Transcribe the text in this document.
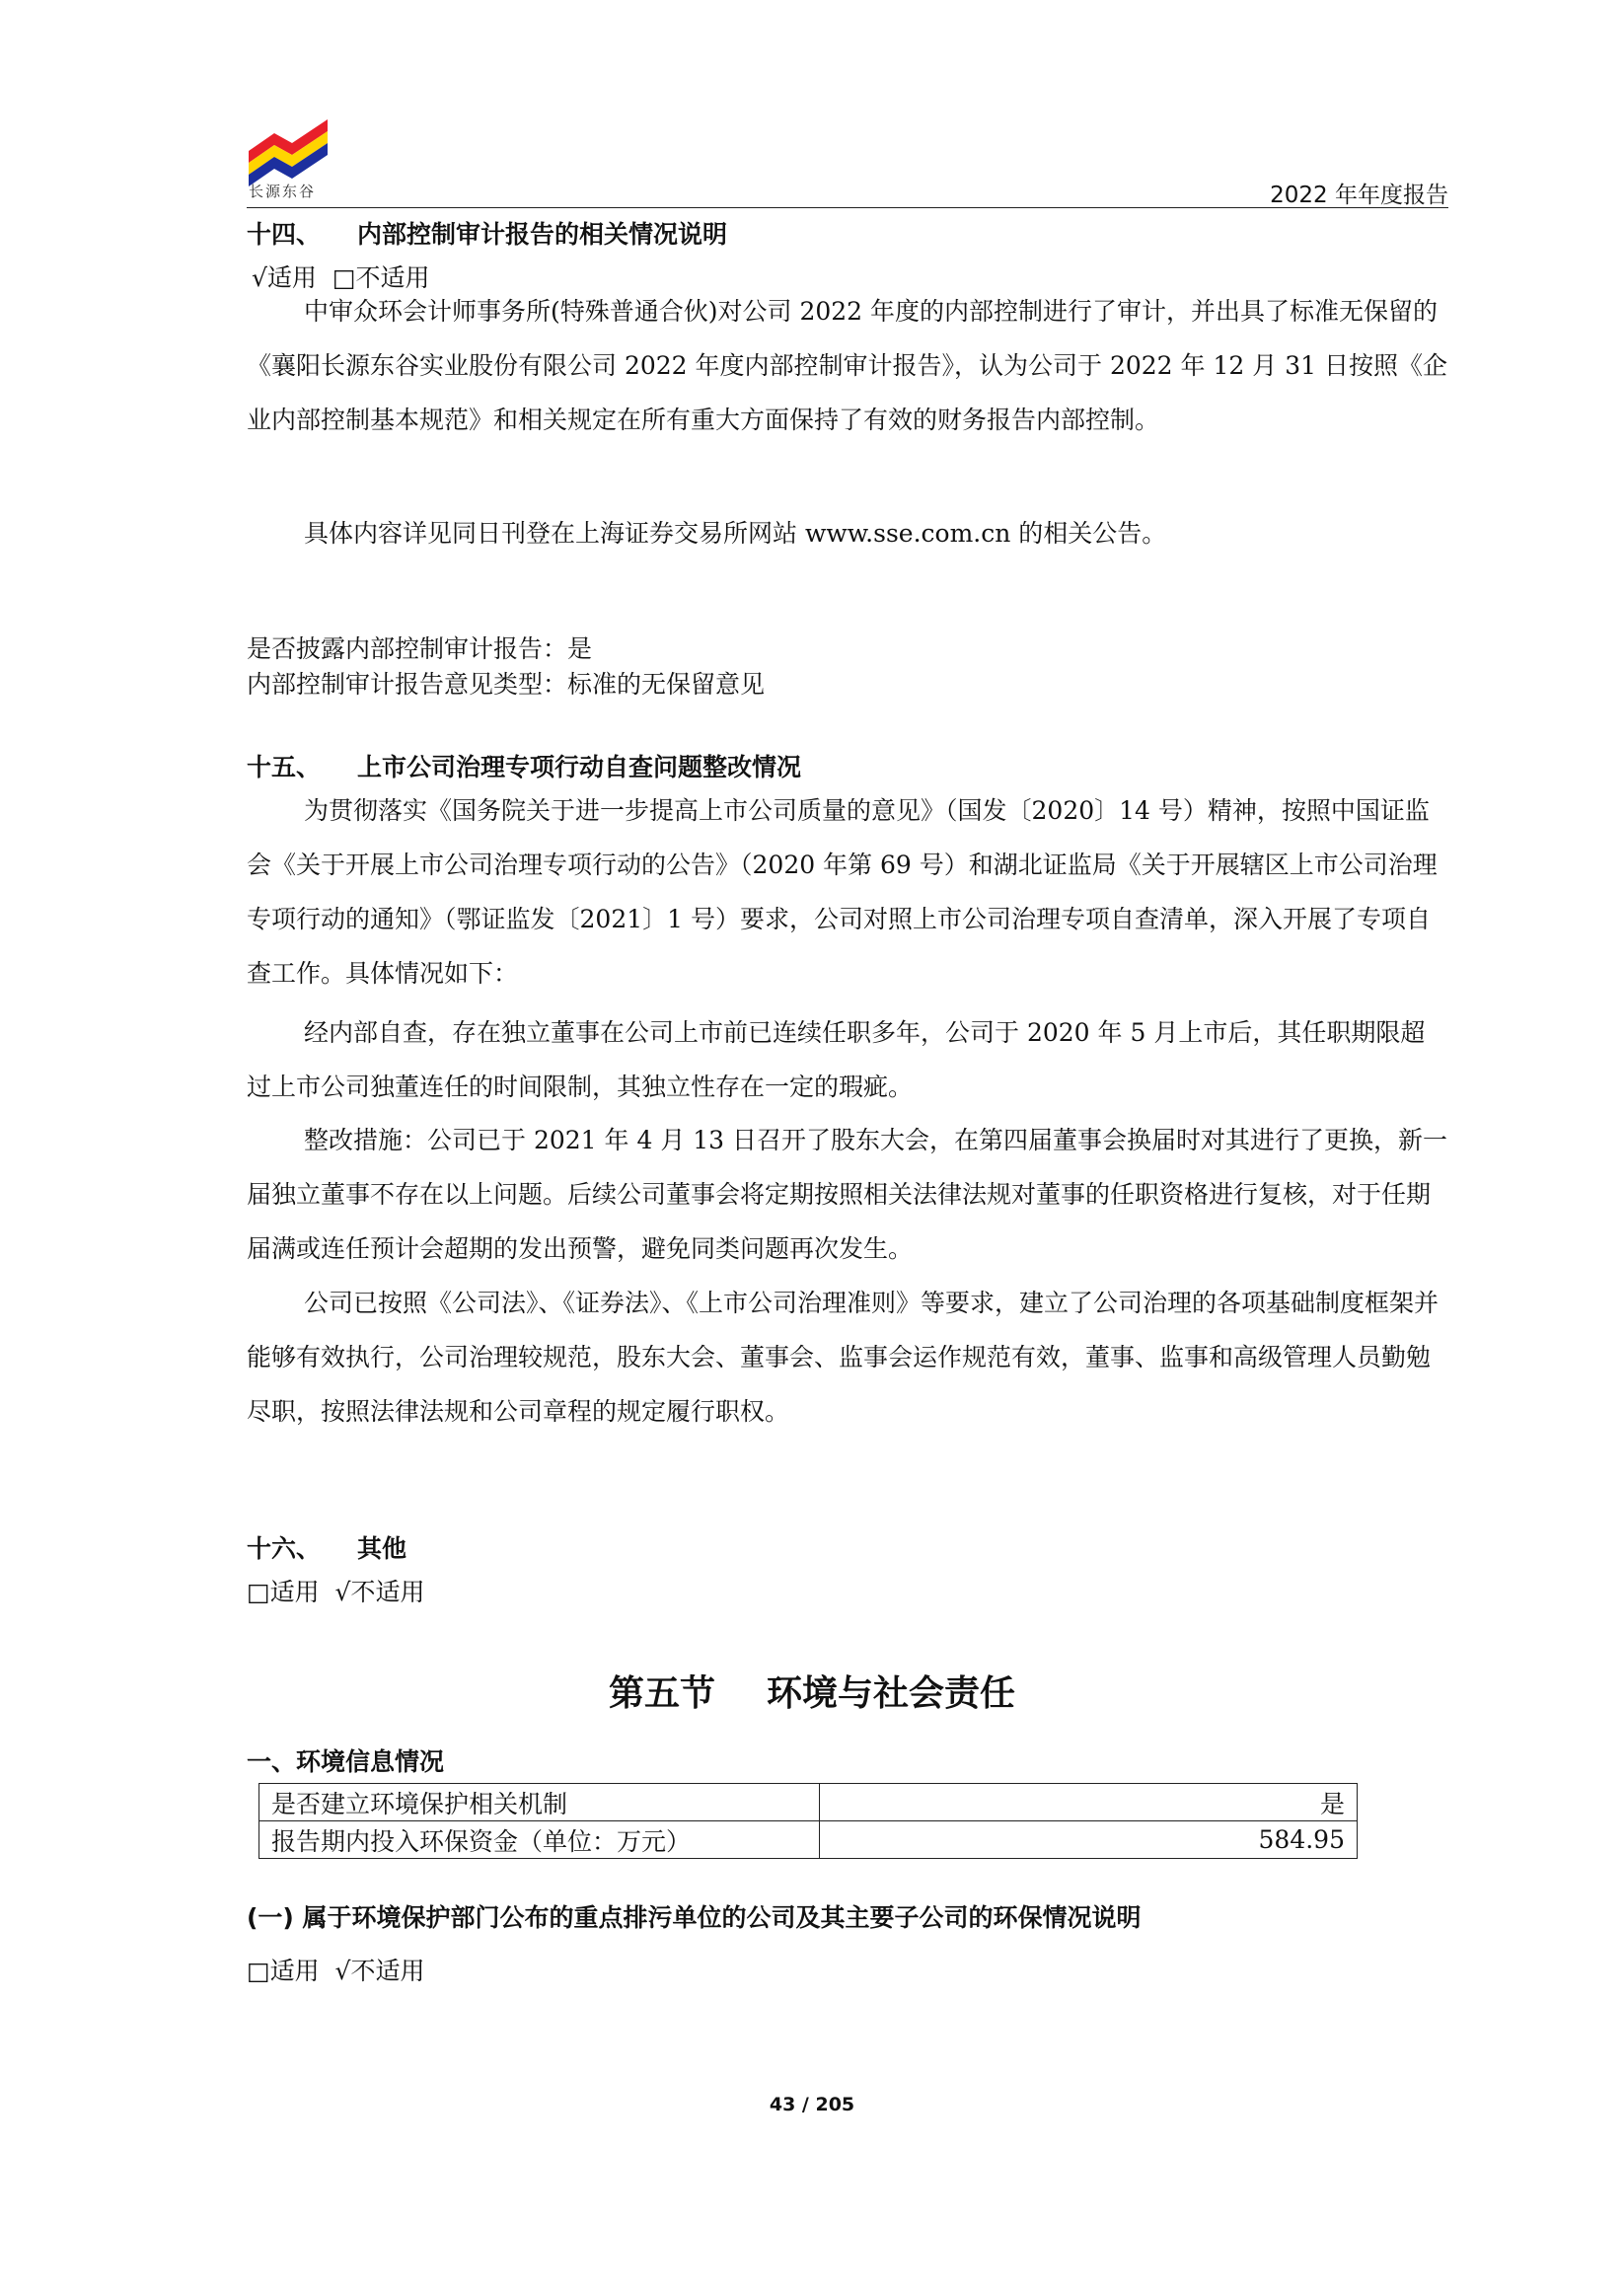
长源东谷	2022 年年度报告
十四、 内部控制审计报告的相关情况说明
√适用  □不适用
中审众环会计师事务所(特殊普通合伙)对公司 2022 年度的内部控制进行了审计，并出具了标准无保留的《襄阳长源东谷实业股份有限公司 2022 年度内部控制审计报告》，认为公司于 2022 年 12 月 31 日按照《企业内部控制基本规范》和相关规定在所有重大方面保持了有效的财务报告内部控制。
具体内容详见同日刊登在上海证券交易所网站 www.sse.com.cn 的相关公告。
是否披露内部控制审计报告：是
内部控制审计报告意见类型：标准的无保留意见
十五、 上市公司治理专项行动自查问题整改情况
为贯彻落实《国务院关于进一步提高上市公司质量的意见》（国发〔2020〕14 号）精神，按照中国证监会《关于开展上市公司治理专项行动的公告》（2020 年第 69 号）和湖北证监局《关于开展辖区上市公司治理专项行动的通知》（鄂证监发〔2021〕1 号）要求，公司对照上市公司治理专项自查清单，深入开展了专项自查工作。具体情况如下：
经内部自查，存在独立董事在公司上市前已连续任职多年，公司于 2020 年 5 月上市后，其任职期限超过上市公司独董连任的时间限制，其独立性存在一定的瑕疵。
整改措施：公司已于 2021 年 4 月 13 日召开了股东大会，在第四届董事会换届时对其进行了更换，新一届独立董事不存在以上问题。后续公司董事会将定期按照相关法律法规对董事的任职资格进行复核，对于任期届满或连任预计会超期的发出预警，避免同类问题再次发生。
公司已按照《公司法》、《证券法》、《上市公司治理准则》等要求，建立了公司治理的各项基础制度框架并能够有效执行，公司治理较规范，股东大会、董事会、监事会运作规范有效，董事、监事和高级管理人员勤勉尽职，按照法律法规和公司章程的规定履行职权。
十六、 其他
□适用  √不适用
第五节 环境与社会责任
一、环境信息情况
是否建立环境保护相关机制	是
报告期内投入环保资金（单位：万元）	584.95
(一) 属于环境保护部门公布的重点排污单位的公司及其主要子公司的环保情况说明
□适用  √不适用
43 / 205
